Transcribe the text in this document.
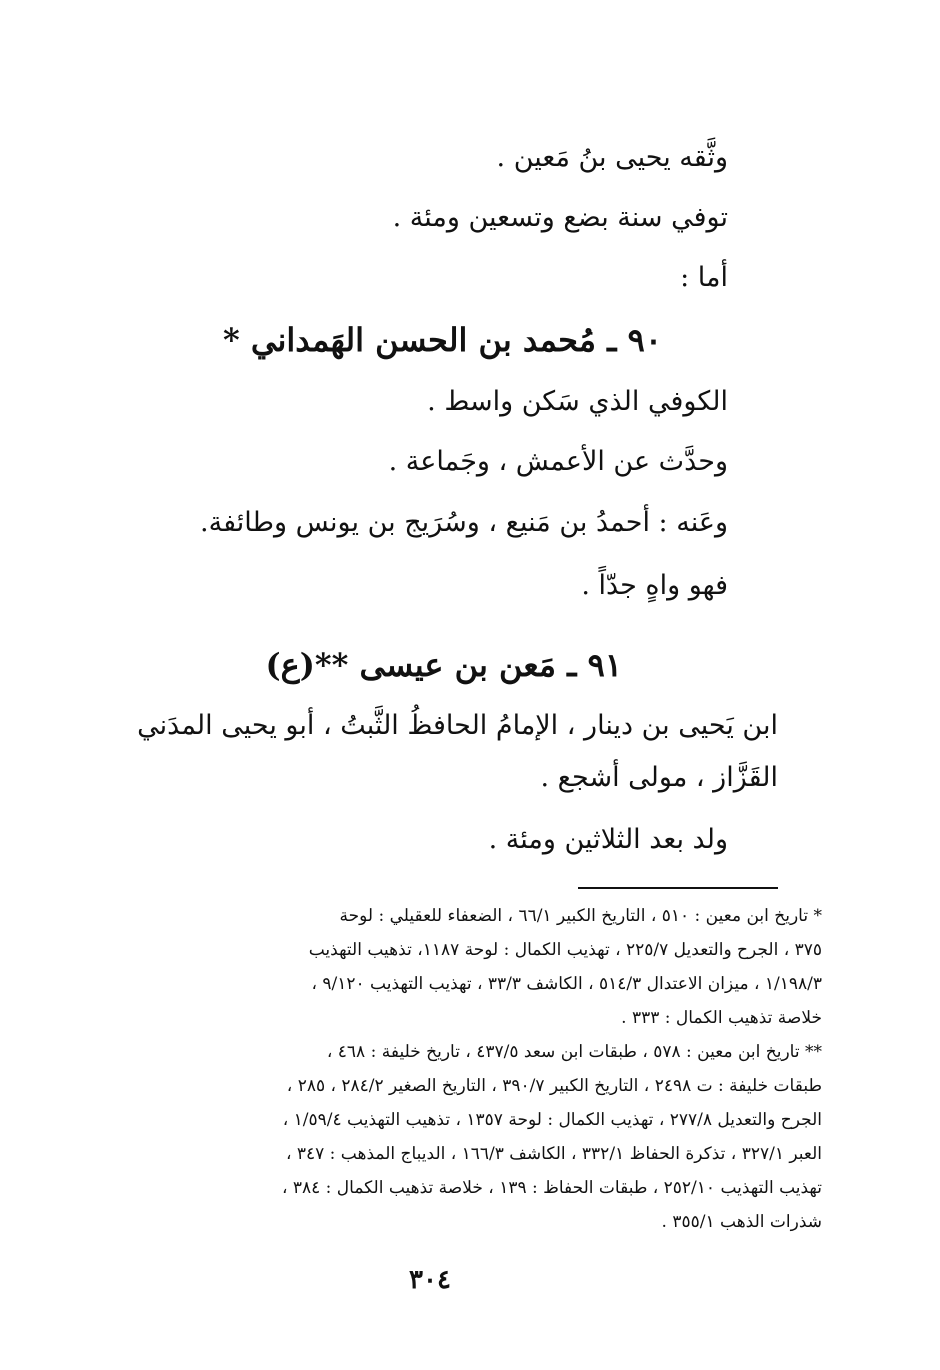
وثَّقه يحيى بنُ مَعين .
توفي سنة بضع وتسعين ومئة .
أما :
٩٠ ـ مُحمد بن الحسن الهَمداني *
الكوفي الذي سَكن واسط .
وحدَّث عن الأعمش ، وجَماعة .
وعَنه : أحمدُ بن مَنيع ، وسُرَيج بن يونس وطائفة.
فهو واهٍ جدّاً .
٩١ ـ مَعن بن عيسى **(ع)
ابن يَحيى بن دينار ، الإمامُ الحافظُ الثَّبتُ ، أبو يحيى المدَني
القَزَّاز ، مولى أشجع .
ولد بعد الثلاثين ومئة .
* تاريخ ابن معين : ٥١٠ ، التاريخ الكبير ٦٦/١ ، الضعفاء للعقيلي : لوحة
٣٧٥ ، الجرح والتعديل ٢٢٥/٧ ، تهذيب الكمال : لوحة ١١٨٧، تذهيب التهذيب
١/١٩٨/٣ ، ميزان الاعتدال ٥١٤/٣ ، الكاشف ٣٣/٣ ، تهذيب التهذيب ٩/١٢٠ ،
خلاصة تذهيب الكمال : ٣٣٣ .
** تاريخ ابن معين : ٥٧٨ ، طبقات ابن سعد ٤٣٧/٥ ، تاريخ خليفة : ٤٦٨ ،
طبقات خليفة : ت ٢٤٩٨ ، التاريخ الكبير ٣٩٠/٧ ، التاريخ الصغير ٢٨٤/٢ ، ٢٨٥ ،
الجرح والتعديل ٢٧٧/٨ ، تهذيب الكمال : لوحة ١٣٥٧ ، تذهيب التهذيب ١/٥٩/٤ ،
العبر ٣٢٧/١ ، تذكرة الحفاظ ٣٣٢/١ ، الكاشف ١٦٦/٣ ، الديباج المذهب : ٣٤٧ ،
تهذيب التهذيب ٢٥٢/١٠ ، طبقات الحفاظ : ١٣٩ ، خلاصة تذهيب الكمال : ٣٨٤ ،
شذرات الذهب ٣٥٥/١ .
٣٠٤
